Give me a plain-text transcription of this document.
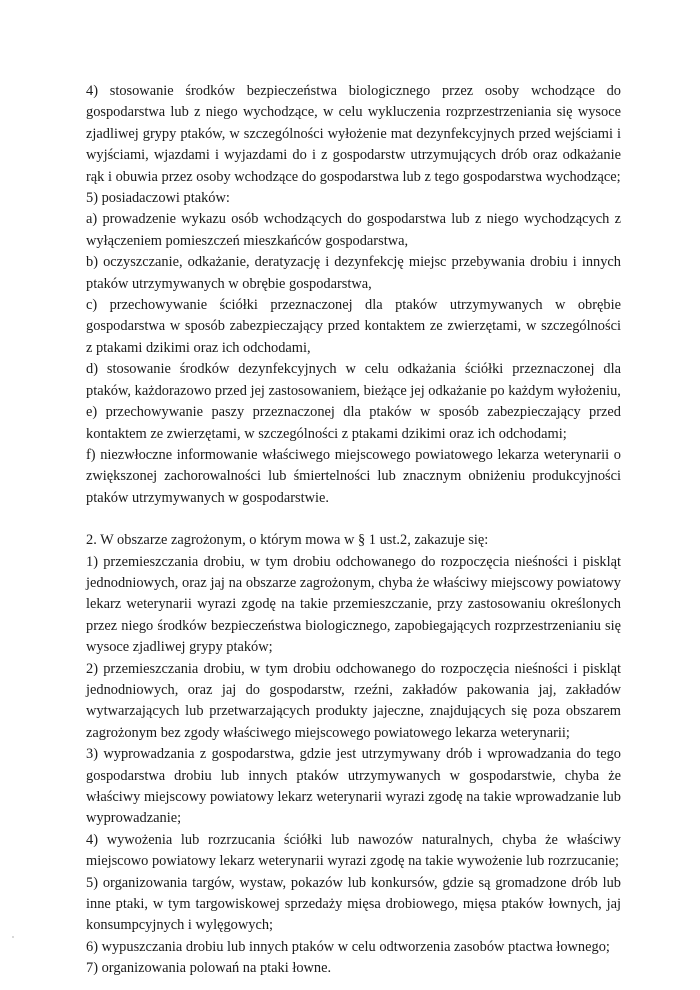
4) stosowanie środków bezpieczeństwa biologicznego przez osoby wchodzące do gospodarstwa lub z niego wychodzące, w celu wykluczenia rozprzestrzeniania się wysoce zjadliwej grypy ptaków, w szczególności wyłożenie mat dezynfekcyjnych przed wejściami i wyjściami, wjazdami i wyjazdami do i z gospodarstw utrzymujących drób oraz odkażanie rąk i obuwia przez osoby wchodzące do gospodarstwa lub z tego gospodarstwa wychodzące;

5) posiadaczowi ptaków:

a) prowadzenie wykazu osób wchodzących do gospodarstwa lub z niego wychodzących z wyłączeniem pomieszczeń mieszkańców gospodarstwa,

b) oczyszczanie, odkażanie, deratyzację i dezynfekcję miejsc przebywania drobiu i innych ptaków utrzymywanych w obrębie gospodarstwa,

c) przechowywanie ściółki przeznaczonej dla ptaków utrzymywanych w obrębie gospodarstwa w sposób zabezpieczający przed kontaktem ze zwierzętami, w szczególności z ptakami dzikimi oraz ich odchodami,

d) stosowanie środków dezynfekcyjnych w celu odkażania ściółki przeznaczonej dla ptaków, każdorazowo przed jej zastosowaniem, bieżące jej odkażanie po każdym wyłożeniu,

e) przechowywanie paszy przeznaczonej dla ptaków w sposób zabezpieczający przed kontaktem ze zwierzętami, w szczególności z ptakami dzikimi oraz ich odchodami;

f) niezwłoczne informowanie właściwego miejscowego powiatowego lekarza weterynarii o zwiększonej zachorowalności lub śmiertelności lub znacznym obniżeniu produkcyjności ptaków utrzymywanych w gospodarstwie.

2. W obszarze zagrożonym, o którym mowa w § 1 ust.2, zakazuje się:

1) przemieszczania drobiu, w tym drobiu odchowanego do rozpoczęcia nieśności i piskląt jednodniowych, oraz jaj na obszarze zagrożonym, chyba że właściwy miejscowy powiatowy lekarz weterynarii wyrazi zgodę na takie przemieszczanie, przy zastosowaniu określonych przez niego środków bezpieczeństwa biologicznego, zapobiegających rozprzestrzenianiu się wysoce zjadliwej grypy ptaków;

2) przemieszczania drobiu, w tym drobiu odchowanego do rozpoczęcia nieśności i piskląt jednodniowych, oraz jaj do gospodarstw, rzeźni, zakładów pakowania jaj, zakładów wytwarzających lub przetwarzających produkty jajeczne, znajdujących się poza obszarem zagrożonym bez zgody właściwego miejscowego powiatowego lekarza weterynarii;

3) wyprowadzania z gospodarstwa, gdzie jest utrzymywany drób i wprowadzania do tego gospodarstwa drobiu lub innych ptaków utrzymywanych w gospodarstwie, chyba że właściwy miejscowy powiatowy lekarz weterynarii wyrazi zgodę na takie wprowadzanie lub wyprowadzanie;

4) wywożenia lub rozrzucania ściółki lub nawozów naturalnych, chyba że właściwy miejscowo powiatowy lekarz weterynarii wyrazi zgodę na takie wywożenie lub rozrzucanie;

5) organizowania targów, wystaw, pokazów lub konkursów, gdzie są gromadzone drób lub inne ptaki, w tym targowiskowej sprzedaży mięsa drobiowego, mięsa ptaków łownych, jaj konsumpcyjnych i wylęgowych;

6) wypuszczania drobiu lub innych ptaków w celu odtworzenia zasobów ptactwa łownego;

7) organizowania polowań na ptaki łowne.
